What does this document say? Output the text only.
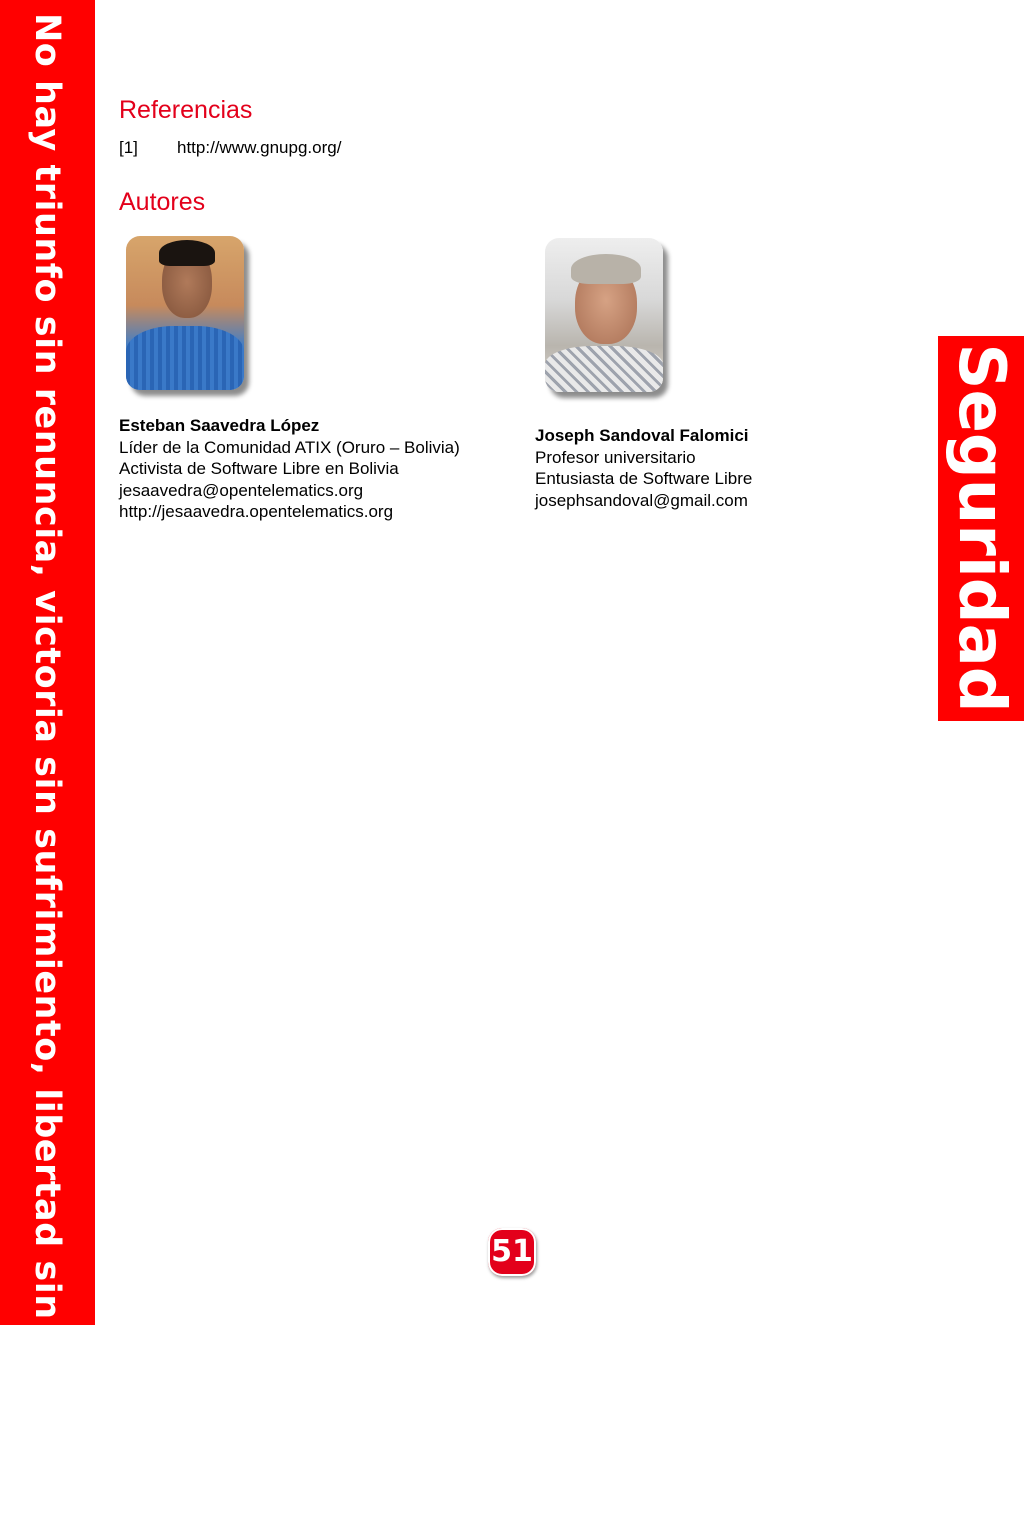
No hay triunfo sin renuncia, victoria sin sufrimiento, libertad sin sacrificio	Seguridad
Referencias
[1] http://www.gnupg.org/
Autores
Esteban Saavedra López
Líder de la Comunidad ATIX (Oruro – Bolivia)
Activista de Software Libre en Bolivia
jesaavedra@opentelematics.org
http://jesaavedra.opentelematics.org
Joseph Sandoval Falomici
Profesor universitario
Entusiasta de Software Libre
josephsandoval@gmail.com
51
